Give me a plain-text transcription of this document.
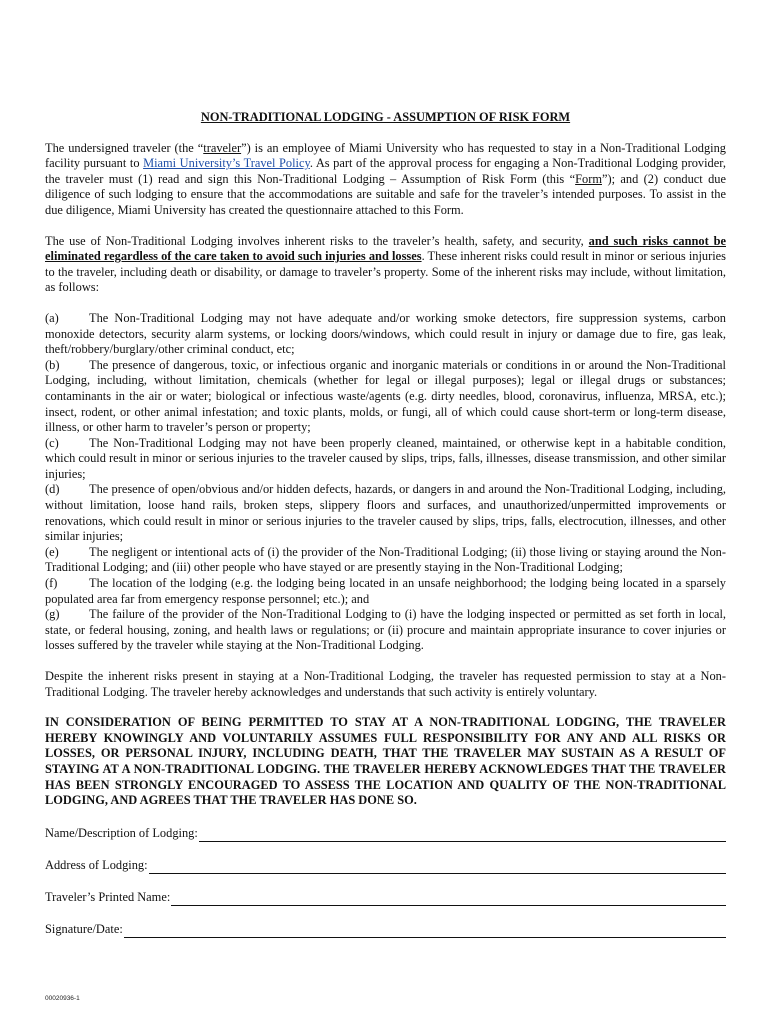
NON-TRADITIONAL LODGING - ASSUMPTION OF RISK FORM

The undersigned traveler (the “traveler”) is an employee of Miami University who has requested to stay in a Non-Traditional Lodging facility pursuant to Miami University’s Travel Policy. As part of the approval process for engaging a Non-Traditional Lodging provider, the traveler must (1) read and sign this Non-Traditional Lodging – Assumption of Risk Form (this “Form”); and (2) conduct due diligence of such lodging to ensure that the accommodations are suitable and safe for the traveler’s intended purposes. To assist in the due diligence, Miami University has created the questionnaire attached to this Form.

The use of Non-Traditional Lodging involves inherent risks to the traveler’s health, safety, and security, and such risks cannot be eliminated regardless of the care taken to avoid such injuries and losses. These inherent risks could result in minor or serious injuries to the traveler, including death or disability, or damage to traveler’s property. Some of the inherent risks may include, without limitation, as follows:

(a) The Non-Traditional Lodging may not have adequate and/or working smoke detectors, fire suppression systems, carbon monoxide detectors, security alarm systems, or locking doors/windows, which could result in injury or damage due to fire, gas leak, theft/robbery/burglary/other criminal conduct, etc;
(b) The presence of dangerous, toxic, or infectious organic and inorganic materials or conditions in or around the Non-Traditional Lodging, including, without limitation, chemicals (whether for legal or illegal purposes); legal or illegal drugs or substances; contaminants in the air or water; biological or infectious waste/agents (e.g. dirty needles, blood, coronavirus, influenza, MRSA, etc.); insect, rodent, or other animal infestation; and toxic plants, molds, or fungi, all of which could cause short-term or long-term disease, illness, or other harm to traveler’s person or property;
(c) The Non-Traditional Lodging may not have been properly cleaned, maintained, or otherwise kept in a habitable condition, which could result in minor or serious injuries to the traveler caused by slips, trips, falls, illnesses, disease transmission, and other similar injuries;
(d) The presence of open/obvious and/or hidden defects, hazards, or dangers in and around the Non-Traditional Lodging, including, without limitation, loose hand rails, broken steps, slippery floors and surfaces, and unauthorized/unpermitted improvements or renovations, which could result in minor or serious injuries to the traveler caused by slips, trips, falls, electrocution, illnesses, and other similar injuries;
(e) The negligent or intentional acts of (i) the provider of the Non-Traditional Lodging; (ii) those living or staying around the Non-Traditional Lodging; and (iii) other people who have stayed or are presently staying in the Non-Traditional Lodging;
(f)	The location of the lodging (e.g. the lodging being located in an unsafe neighborhood; the lodging being located in a sparsely populated area far from emergency response personnel; etc.); and
(g) The failure of the provider of the Non-Traditional Lodging to (i) have the lodging inspected or permitted as set forth in local, state, or federal housing, zoning, and health laws or regulations; or (ii) procure and maintain appropriate insurance to cover injuries or losses suffered by the traveler while staying at the Non-Traditional Lodging.

Despite the inherent risks present in staying at a Non-Traditional Lodging, the traveler has requested permission to stay at a Non-Traditional Lodging. The traveler hereby acknowledges and understands that such activity is entirely voluntary.

IN CONSIDERATION OF BEING PERMITTED TO STAY AT A NON-TRADITIONAL LODGING, THE TRAVELER HEREBY KNOWINGLY AND VOLUNTARILY ASSUMES FULL RESPONSIBILITY FOR ANY AND ALL RISKS OR LOSSES, OR PERSONAL INJURY, INCLUDING DEATH, THAT THE TRAVELER MAY SUSTAIN AS A RESULT OF STAYING AT A NON-TRADITIONAL LODGING. THE TRAVELER HEREBY ACKNOWLEDGES THAT THE TRAVELER HAS BEEN STRONGLY ENCOURAGED TO ASSESS THE LOCATION AND QUALITY OF THE NON-TRADITIONAL LODGING, AND AGREES THAT THE TRAVELER HAS DONE SO.
Name/Description of Lodging:
Address of Lodging:
Traveler’s Printed Name:
Signature/Date:
00020936-1
